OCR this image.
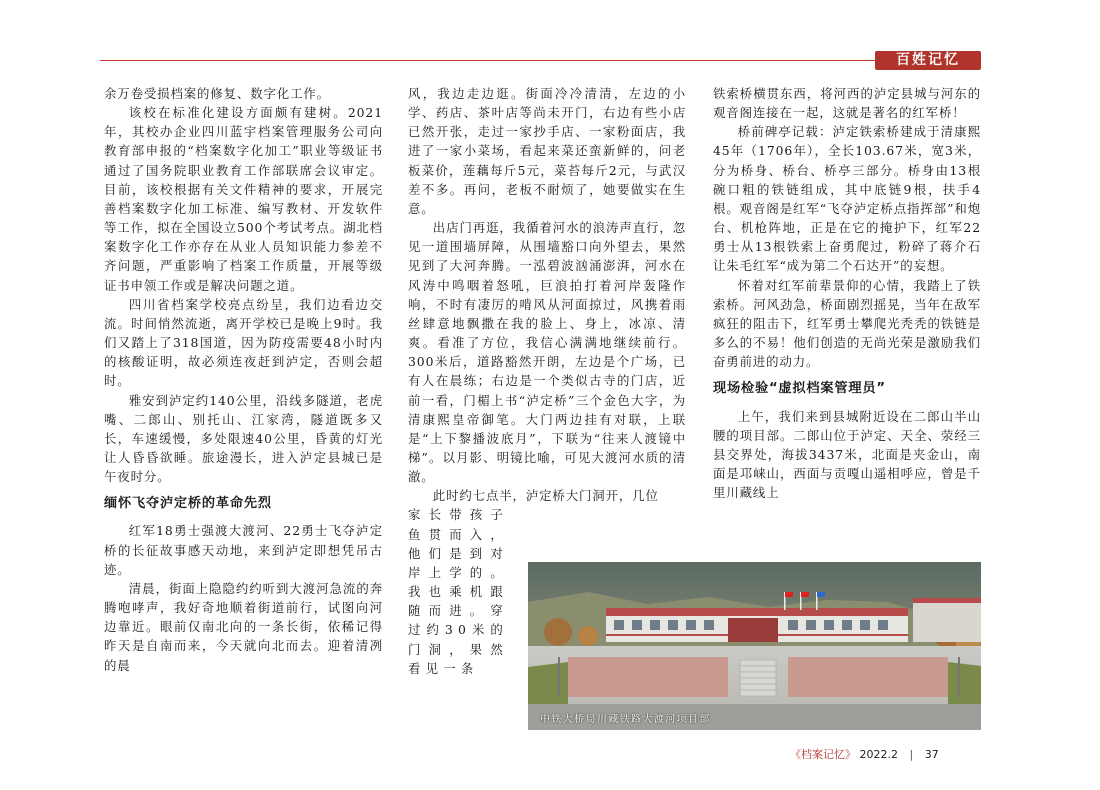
百姓记忆

余万卷受损档案的修复、数字化工作。

该校在标准化建设方面颇有建树。2021年，其校办企业四川蓝宇档案管理服务公司向教育部申报的“档案数字化加工”职业等级证书通过了国务院职业教育工作部联席会议审定。目前，该校根据有关文件精神的要求，开展完善档案数字化加工标准、编写教材、开发软件等工作，拟在全国设立500个考试考点。湖北档案数字化工作亦存在从业人员知识能力参差不齐问题，严重影响了档案工作质量，开展等级证书申领工作或是解决问题之道。

四川省档案学校亮点纷呈，我们边看边交流。时间悄然流逝，离开学校已是晚上9时。我们又踏上了318国道，因为防疫需要48小时内的核酸证明，故必须连夜赶到泸定，否则会超时。

雅安到泸定约140公里，沿线多隧道，老虎嘴、二郎山、别托山、江家湾，隧道既多又长，车速缓慢，多处限速40公里，昏黄的灯光让人昏昏欲睡。旅途漫长，进入泸定县城已是午夜时分。

缅怀飞夺泸定桥的革命先烈

红军18勇士强渡大渡河、22勇士飞夺泸定桥的长征故事感天动地，来到泸定即想凭吊古迹。

清晨，街面上隐隐约约听到大渡河急流的奔腾咆哮声，我好奇地顺着街道前行，试图向河边靠近。眼前仅南北向的一条长街，依稀记得昨天是自南而来，今天就向北而去。迎着清冽的晨

风，我边走边逛。街面冷冷清清，左边的小学、药店、茶叶店等尚未开门，右边有些小店已然开张，走过一家抄手店、一家粉面店，我进了一家小菜场，看起来菜还蛮新鲜的，问老板菜价，莲藕每斤5元，菜苔每斤2元，与武汉差不多。再问，老板不耐烦了，她要做实在生意。

出店门再逛，我循着河水的浪涛声直行，忽见一道围墙屏障，从围墙豁口向外望去，果然见到了大河奔腾。一泓碧波汹涌澎湃，河水在风涛中鸣咽着怒吼，巨浪拍打着河岸轰隆作响，不时有凄厉的啃风从河面掠过，风携着雨丝肆意地飘撒在我的脸上、身上，冰凉、清爽。看准了方位，我信心满满地继续前行。300米后，道路豁然开朗，左边是个广场，已有人在晨练；右边是一个类似古寺的门店，近前一看，门楣上书“泸定桥”三个金色大字，为清康熙皇帝御笔。大门两边挂有对联，上联是“上下黎播波底月”，下联为“往来人渡镜中梯”。以月影、明镜比喻，可见大渡河水质的清澈。

此时约七点半，泸定桥大门洞开，几位

家长带孩子鱼贯而入，他们是到对岸上学的。我也乘机跟随而进。穿过约30米的门洞，果然看见一条

铁索桥横贯东西，将河西的泸定县城与河东的观音阁连接在一起，这就是著名的红军桥！

桥前碑亭记载：泸定铁索桥建成于清康熙45年（1706年），全长103.67米，宽3米，分为桥身、桥台、桥亭三部分。桥身由13根碗口粗的铁链组成，其中底链9根，扶手4根。观音阁是红军“飞夺泸定桥点指挥部”和炮台、机枪阵地，正是在它的掩护下，红军22勇士从13根铁索上奋勇爬过，粉碎了蒋介石让朱毛红军“成为第二个石达开”的妄想。

怀着对红军前辈景仰的心情，我踏上了铁索桥。河风劲急，桥面剧烈摇晃，当年在敌军疯狂的阻击下，红军勇士攀爬光秃秃的铁链是多么的不易！他们创造的无尚光荣是激励我们奋勇前进的动力。

现场检验“虚拟档案管理员”

上午，我们来到县城附近设在二郎山半山腰的项目部。二郎山位于泸定、天全、荥经三县交界处，海拔3437米，北面是夹金山，南面是邛崃山，西面与贡嘎山遥相呼应，曾是千里川藏线上

中铁大桥局川藏铁路大渡河项目部
《档案记忆》 2022.2 | 37
